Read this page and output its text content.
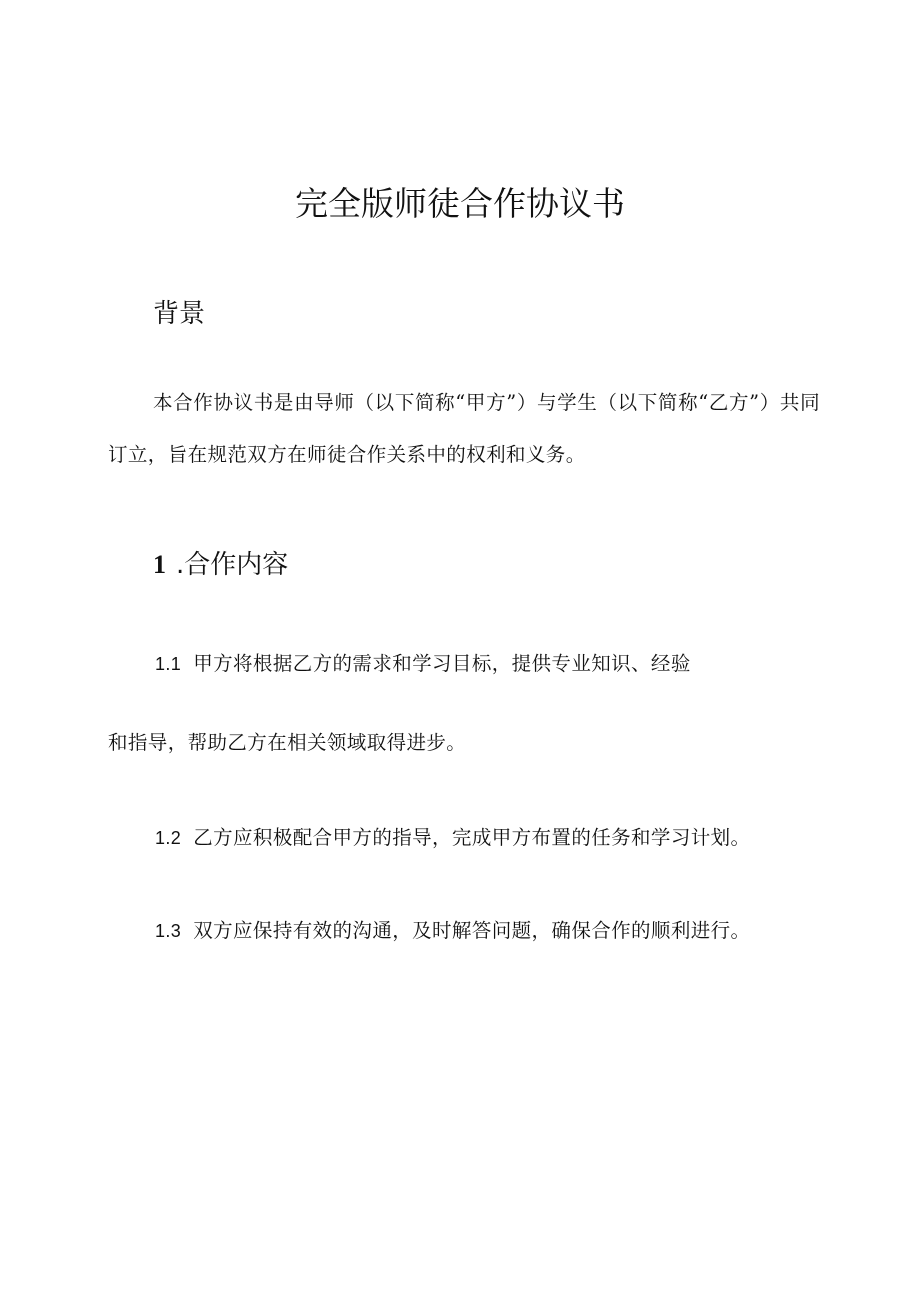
完全版师徒合作协议书
背景

本合作协议书是由导师（以下简称“甲方”）与学生（以下简称“乙方”）共同订立，旨在规范双方在师徒合作关系中的权利和义务。

1 .合作内容

1.1 甲方将根据乙方的需求和学习目标，提供专业知识、经验

和指导，帮助乙方在相关领域取得进步。

1.2 乙方应积极配合甲方的指导，完成甲方布置的任务和学习计划。

1.3 双方应保持有效的沟通，及时解答问题，确保合作的顺利进行。
